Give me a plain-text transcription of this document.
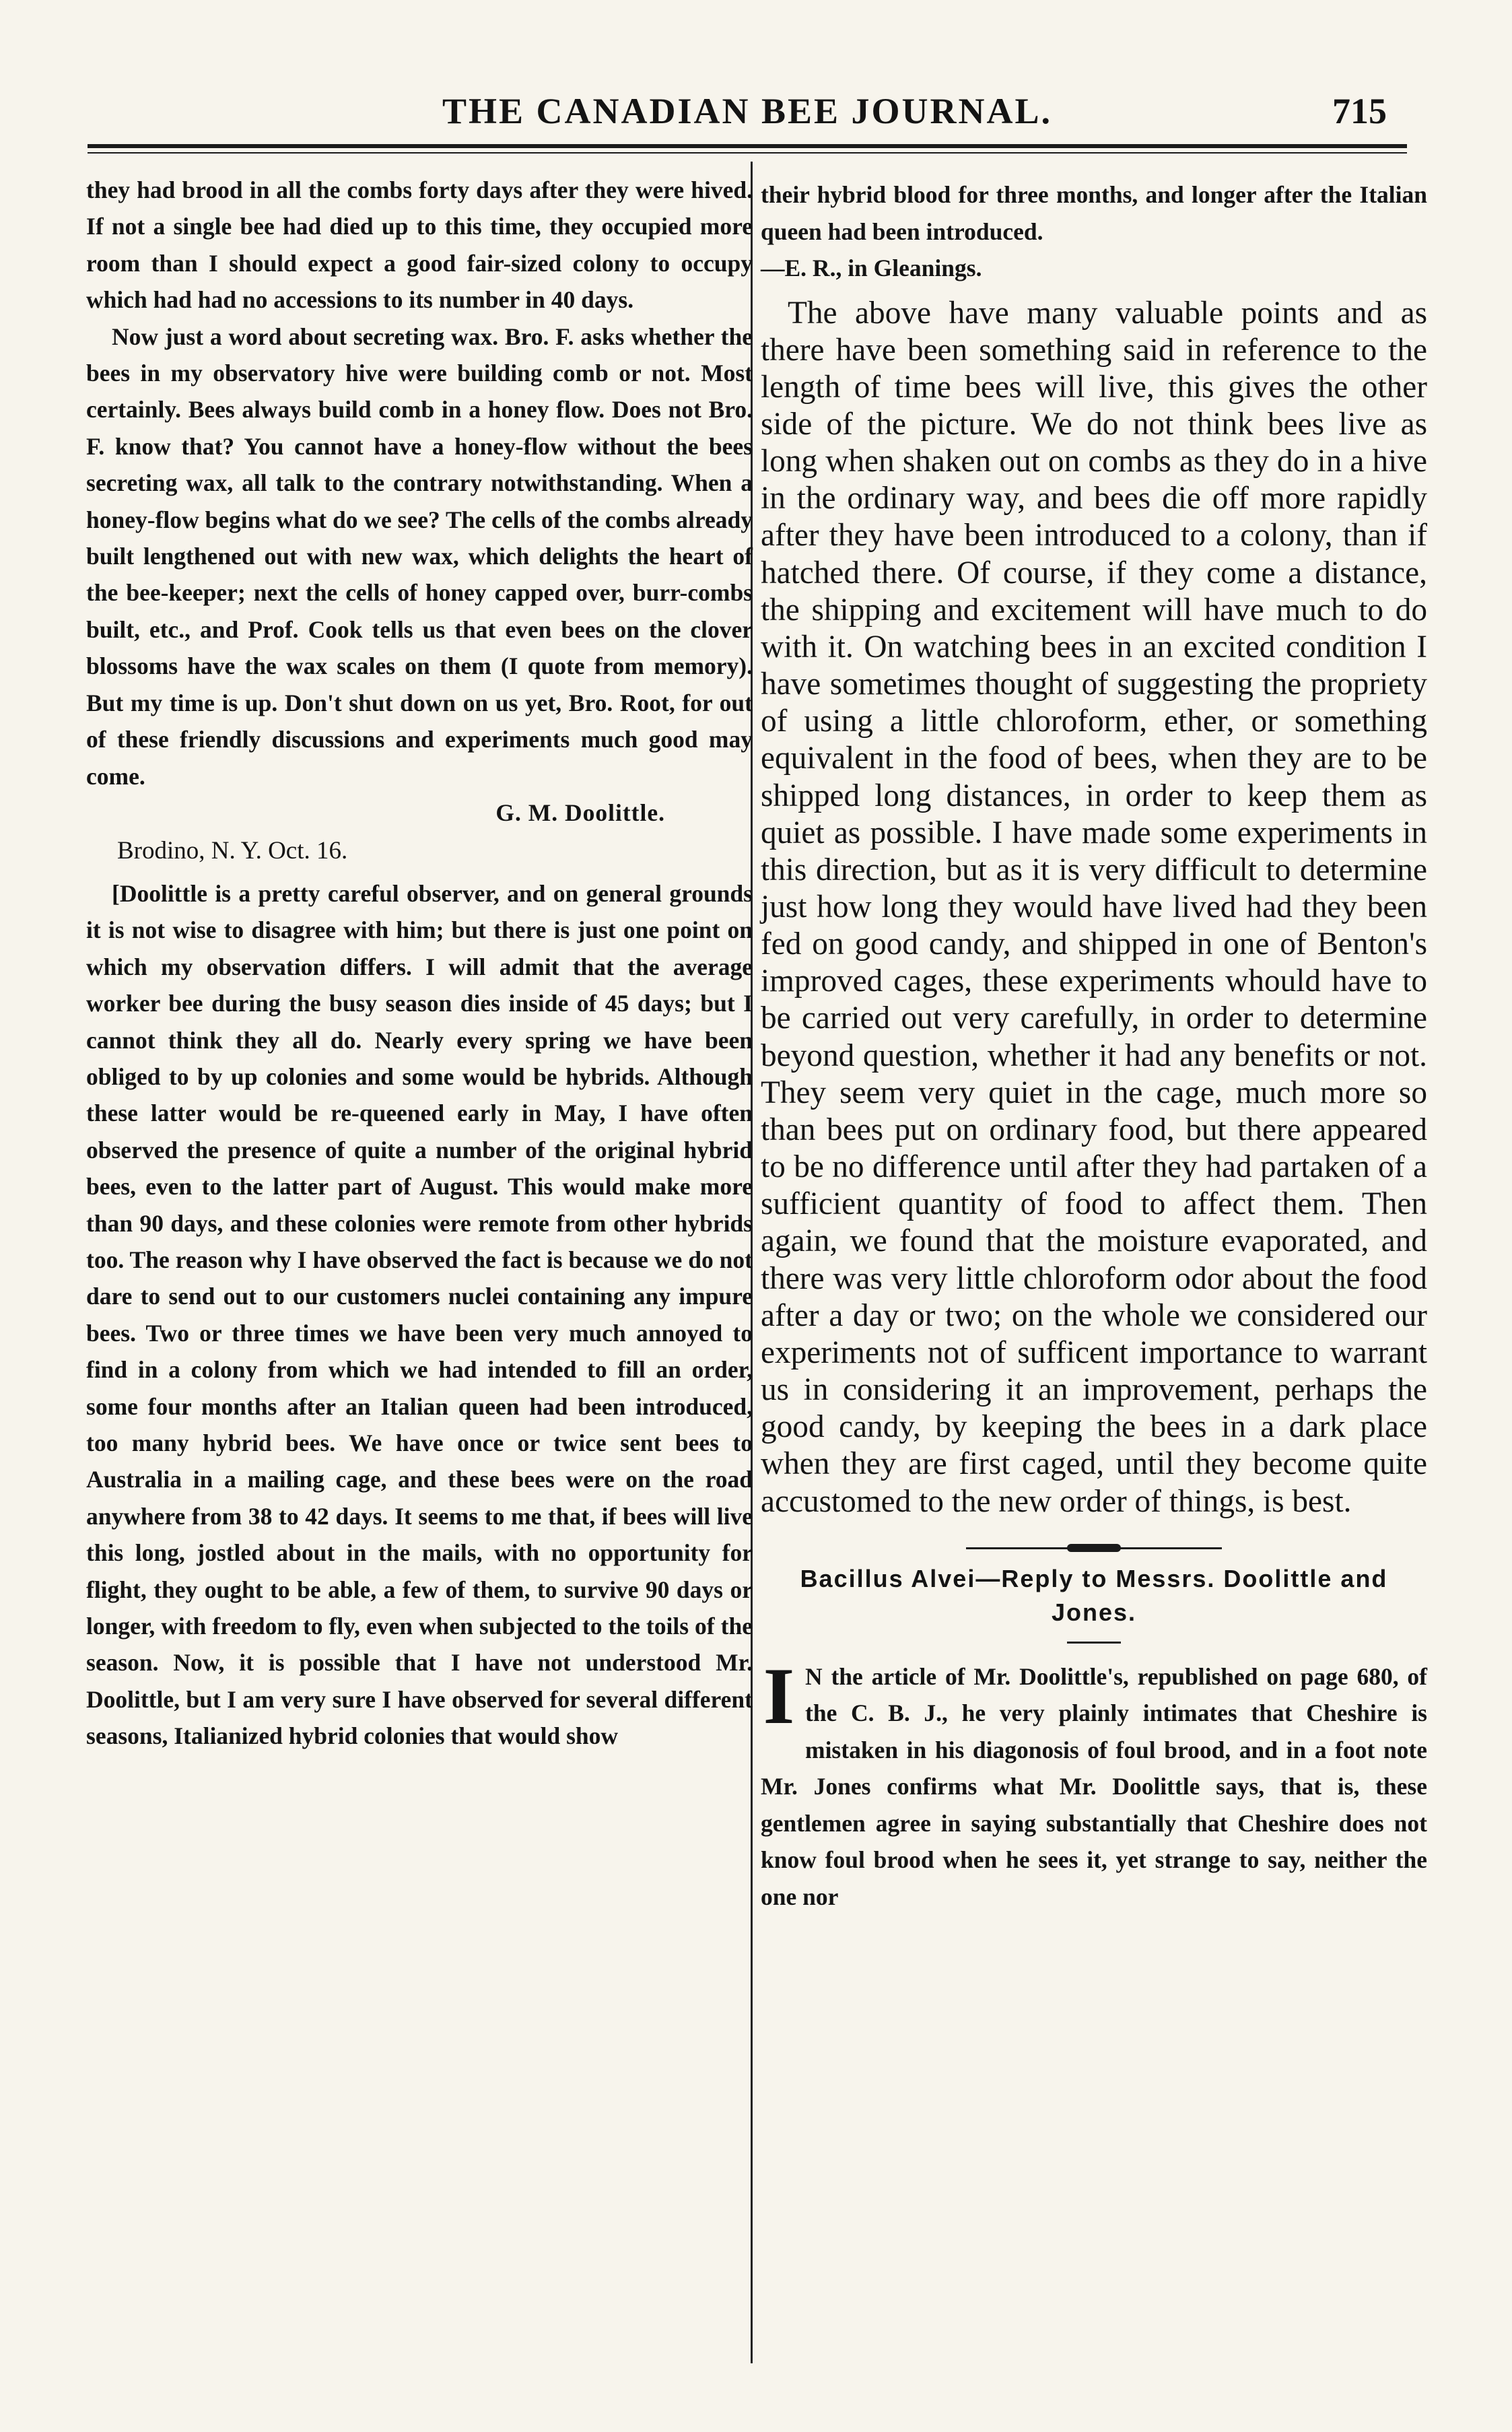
THE CANADIAN BEE JOURNAL.	715

they had brood in all the combs forty days after they were hived. If not a single bee had died up to this time, they occupied more room than I should expect a good fair-sized colony to occupy which had had no accessions to its number in 40 days.

Now just a word about secreting wax. Bro. F. asks whether the bees in my observatory hive were building comb or not. Most certainly. Bees always build comb in a honey flow. Does not Bro. F. know that? You cannot have a honey-flow without the bees secreting wax, all talk to the contrary notwithstanding. When a honey-flow begins what do we see? The cells of the combs already built lengthened out with new wax, which delights the heart of the bee-keeper; next the cells of honey capped over, burr-combs built, etc., and Prof. Cook tells us that even bees on the clover blossoms have the wax scales on them (I quote from memory). But my time is up. Don't shut down on us yet, Bro. Root, for out of these friendly discussions and experiments much good may come.

G. M. Doolittle.

Brodino, N. Y. Oct. 16.

[Doolittle is a pretty careful observer, and on general grounds it is not wise to disagree with him; but there is just one point on which my observation differs. I will admit that the average worker bee during the busy season dies inside of 45 days; but I cannot think they all do. Nearly every spring we have been obliged to by up colonies and some would be hybrids. Although these latter would be re-queened early in May, I have often observed the presence of quite a number of the original hybrid bees, even to the latter part of August. This would make more than 90 days, and these colonies were remote from other hybrids too. The reason why I have observed the fact is because we do not dare to send out to our customers nuclei containing any impure bees. Two or three times we have been very much annoyed to find in a colony from which we had intended to fill an order, some four months after an Italian queen had been introduced, too many hybrid bees. We have once or twice sent bees to Australia in a mailing cage, and these bees were on the road anywhere from 38 to 42 days. It seems to me that, if bees will live this long, jostled about in the mails, with no opportunity for flight, they ought to be able, a few of them, to survive 90 days or longer, with freedom to fly, even when subjected to the toils of the season. Now, it is possible that I have not understood Mr. Doolittle, but I am very sure I have observed for several different seasons, Italianized hybrid colonies that would show

their hybrid blood for three months, and longer after the Italian queen had been introduced.
—E. R., in Gleanings.

The above have many valuable points and as there have been something said in reference to the length of time bees will live, this gives the other side of the picture. We do not think bees live as long when shaken out on combs as they do in a hive in the ordinary way, and bees die off more rapidly after they have been introduced to a colony, than if hatched there. Of course, if they come a distance, the shipping and excitement will have much to do with it. On watching bees in an excited condition I have sometimes thought of suggesting the propriety of using a little chloroform, ether, or something equivalent in the food of bees, when they are to be shipped long distances, in order to keep them as quiet as possible. I have made some experiments in this direction, but as it is very difficult to determine just how long they would have lived had they been fed on good candy, and shipped in one of Benton's improved cages, these experiments whould have to be carried out very carefully, in order to determine beyond question, whether it had any benefits or not. They seem very quiet in the cage, much more so than bees put on ordinary food, but there appeared to be no difference until after they had partaken of a sufficient quantity of food to affect them. Then again, we found that the moisture evaporated, and there was very little chloroform odor about the food after a day or two; on the whole we considered our experiments not of sufficent importance to warrant us in considering it an improvement, perhaps the good candy, by keeping the bees in a dark place when they are first caged, until they become quite accustomed to the new order of things, is best.

Bacillus Alvei—Reply to Messrs. Doolittle and Jones.
I N the article of Mr. Doolittle's, republished on page 680, of the C. B. J., he very plainly intimates that Cheshire is mistaken in his diagonosis of foul brood, and in a foot note Mr. Jones confirms what Mr. Doolittle says, that is, these gentlemen agree in saying substantially that Cheshire does not know foul brood when he sees it, yet strange to say, neither the one nor
